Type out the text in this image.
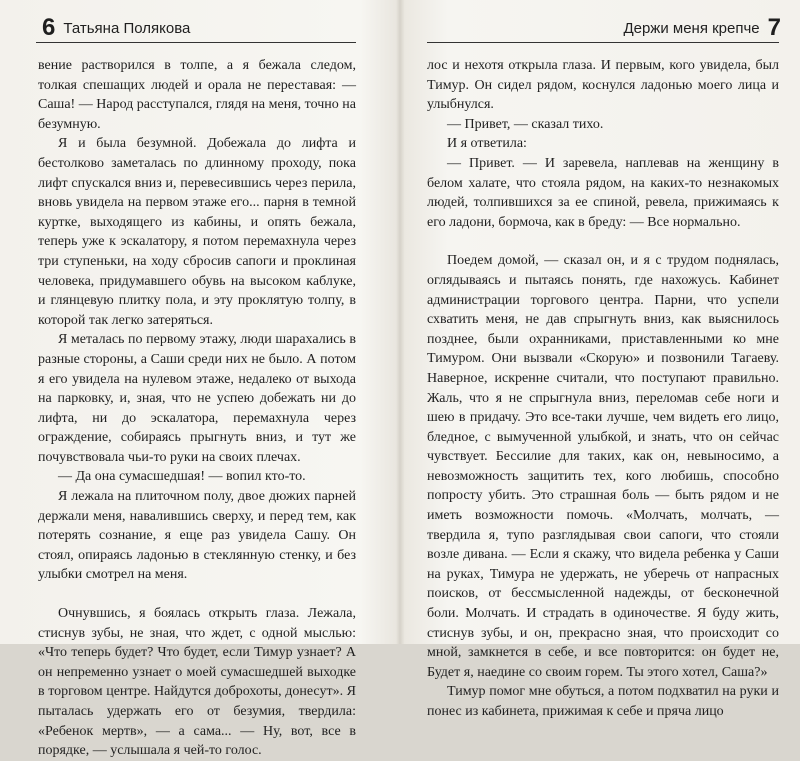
6 Татьяна Полякова

вение растворился в толпе, а я бежала следом, толкая спешащих людей и орала не переставая: — Саша! — Народ расступался, глядя на меня, точно на безумную.

Я и была безумной. Добежала до лифта и бестолково заметалась по длинному проходу, пока лифт спускался вниз и, перевесившись через перила, вновь увидела на первом этаже его... парня в темной куртке, выходящего из кабины, и опять бежала, теперь уже к эскалатору, я потом перемахнула через три ступеньки, на ходу сбросив сапоги и проклиная человека, придумавшего обувь на высоком каблуке, и глянцевую плитку пола, и эту проклятую толпу, в которой так легко затеряться.

Я металась по первому этажу, люди шарахались в разные стороны, а Саши среди них не было. А потом я его увидела на нулевом этаже, недалеко от выхода на парковку, и, зная, что не успею добежать ни до лифта, ни до эскалатора, перемахнула через ограждение, собираясь прыгнуть вниз, и тут же почувствовала чьи-то руки на своих плечах.

— Да она сумасшедшая! — вопил кто-то.

Я лежала на плиточном полу, двое дюжих парней держали меня, навалившись сверху, и перед тем, как потерять сознание, я еще раз увидела Сашу. Он стоял, опираясь ладонью в стеклянную стенку, и без улыбки смотрел на меня.

Очнувшись, я боялась открыть глаза. Лежала, стиснув зубы, не зная, что ждет, с одной мыслью: «Что теперь будет? Что будет, если Тимур узнает? А он непременно узнает о моей сумасшедшей выходке в торговом центре. Найдутся доброхоты, донесут». Я пыталась удержать его от безумия, твердила: «Ребенок мертв», — а сама... — Ну, вот, все в порядке, — услышала я чей-то голос.

Держи меня крепче 7

лос и нехотя открыла глаза. И первым, кого увидела, был Тимур. Он сидел рядом, коснулся ладонью моего лица и улыбнулся.

— Привет, — сказал тихо.

И я ответила:

— Привет. — И заревела, наплевав на женщину в белом халате, что стояла рядом, на каких-то незнакомых людей, толпившихся за ее спиной, ревела, прижимаясь к его ладони, бормоча, как в бреду: — Все нормально.

Поедем домой, — сказал он, и я с трудом поднялась, оглядываясь и пытаясь понять, где нахожусь. Кабинет администрации торгового центра. Парни, что успели схватить меня, не дав спрыгнуть вниз, как выяснилось позднее, были охранниками, приставленными ко мне Тимуром. Они вызвали «Скорую» и позвонили Тагаеву. Наверное, искренне считали, что поступают правильно. Жаль, что я не спрыгнула вниз, переломав себе ноги и шею в придачу. Это все-таки лучше, чем видеть его лицо, бледное, с вымученной улыбкой, и знать, что он сейчас чувствует. Бессилие для таких, как он, невыносимо, а невозможность защитить тех, кого любишь, способно попросту убить. Это страшная боль — быть рядом и не иметь возможности помочь. «Молчать, молчать, — твердила я, тупо разглядывая свои сапоги, что стояли возле дивана. — Если я скажу, что видела ребенка у Саши на руках, Тимура не удержать, не уберечь от напрасных поисков, от бессмысленной надежды, от бесконечной боли. Молчать. И страдать в одиночестве. Я буду жить, стиснув зубы, и он, прекрасно зная, что происходит со мной, замкнется в себе, и все повторится: он будет не, Будет я, наедине со своим горем. Ты этого хотел, Саша?»

Тимур помог мне обуться, а потом подхватил на руки и понес из кабинета, прижимая к себе и пряча лицо
